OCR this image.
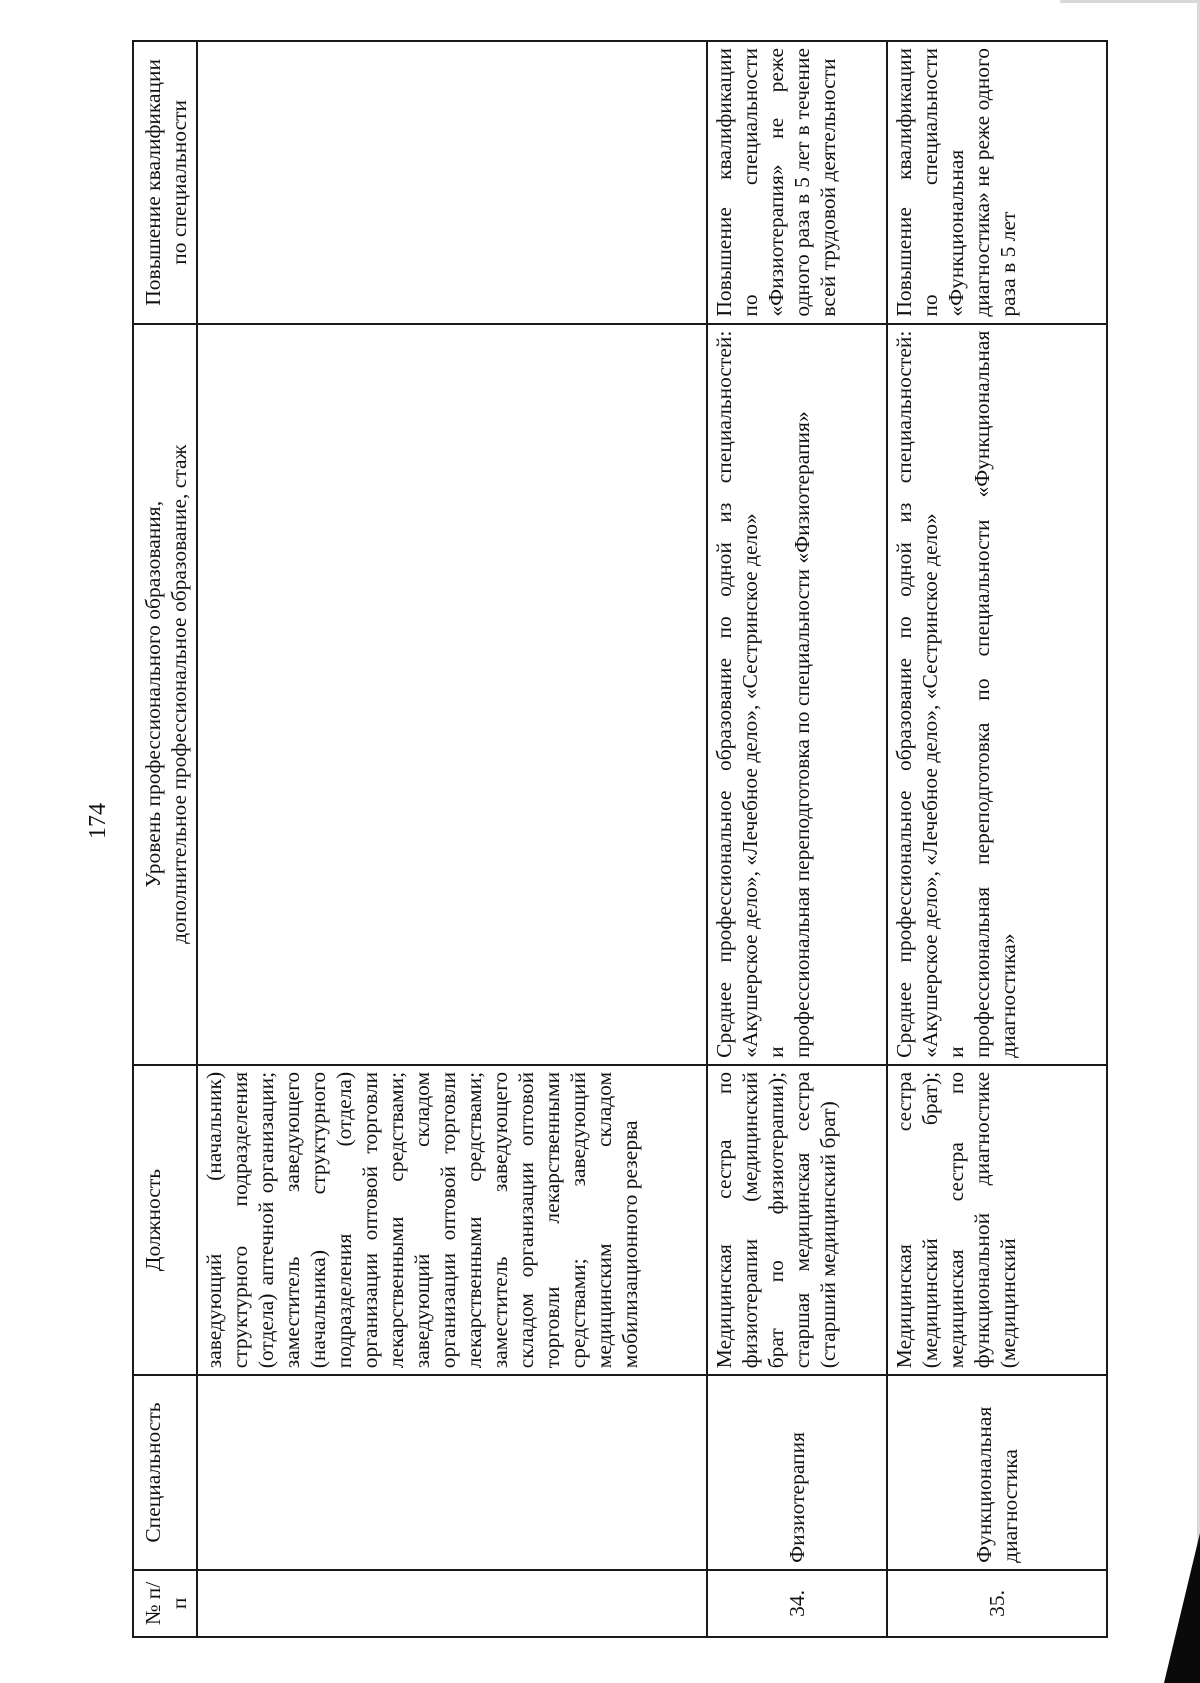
174
№ п/п	Специальность	Должность	Уровень профессионального образования, дополнительное профессиональное образование, стаж	Повышение квалификации по специальности
		заведующий (начальник) структурного подразделения (отдела) аптечной организации; заместитель заведующего (начальника) структурного подразделения (отдела) организации оптовой торговли лекарственными средствами; заведующий складом организации оптовой торговли лекарственными средствами; заместитель заведующего складом организации оптовой торговли лекарственными средствами; заведующий медицинским складом мобилизационного резерва	

34.	Физиотерапия	Медицинская сестра по физиотерапии (медицинский брат по физиотерапии); старшая медицинская сестра (старший медицинский брат)	Среднее профессиональное образование по одной из специальностей: «Акушерское дело», «Лечебное дело», «Сестринское дело» и профессиональная переподготовка по специальности «Физиотерапия»	Повышение квалификации по специальности «Физиотерапия» не реже одного раза в 5 лет в течение всей трудовой деятельности
35.	Функциональная диагностика	Медицинская сестра (медицинский брат); медицинская сестра по функциональной диагностике (медицинский	Среднее профессиональное образование по одной из специальностей: «Акушерское дело», «Лечебное дело», «Сестринское дело» и профессиональная переподготовка по специальности «Функциональная диагностика»	Повышение квалификации по специальности «Функциональная диагностика» не реже одного раза в 5 лет
